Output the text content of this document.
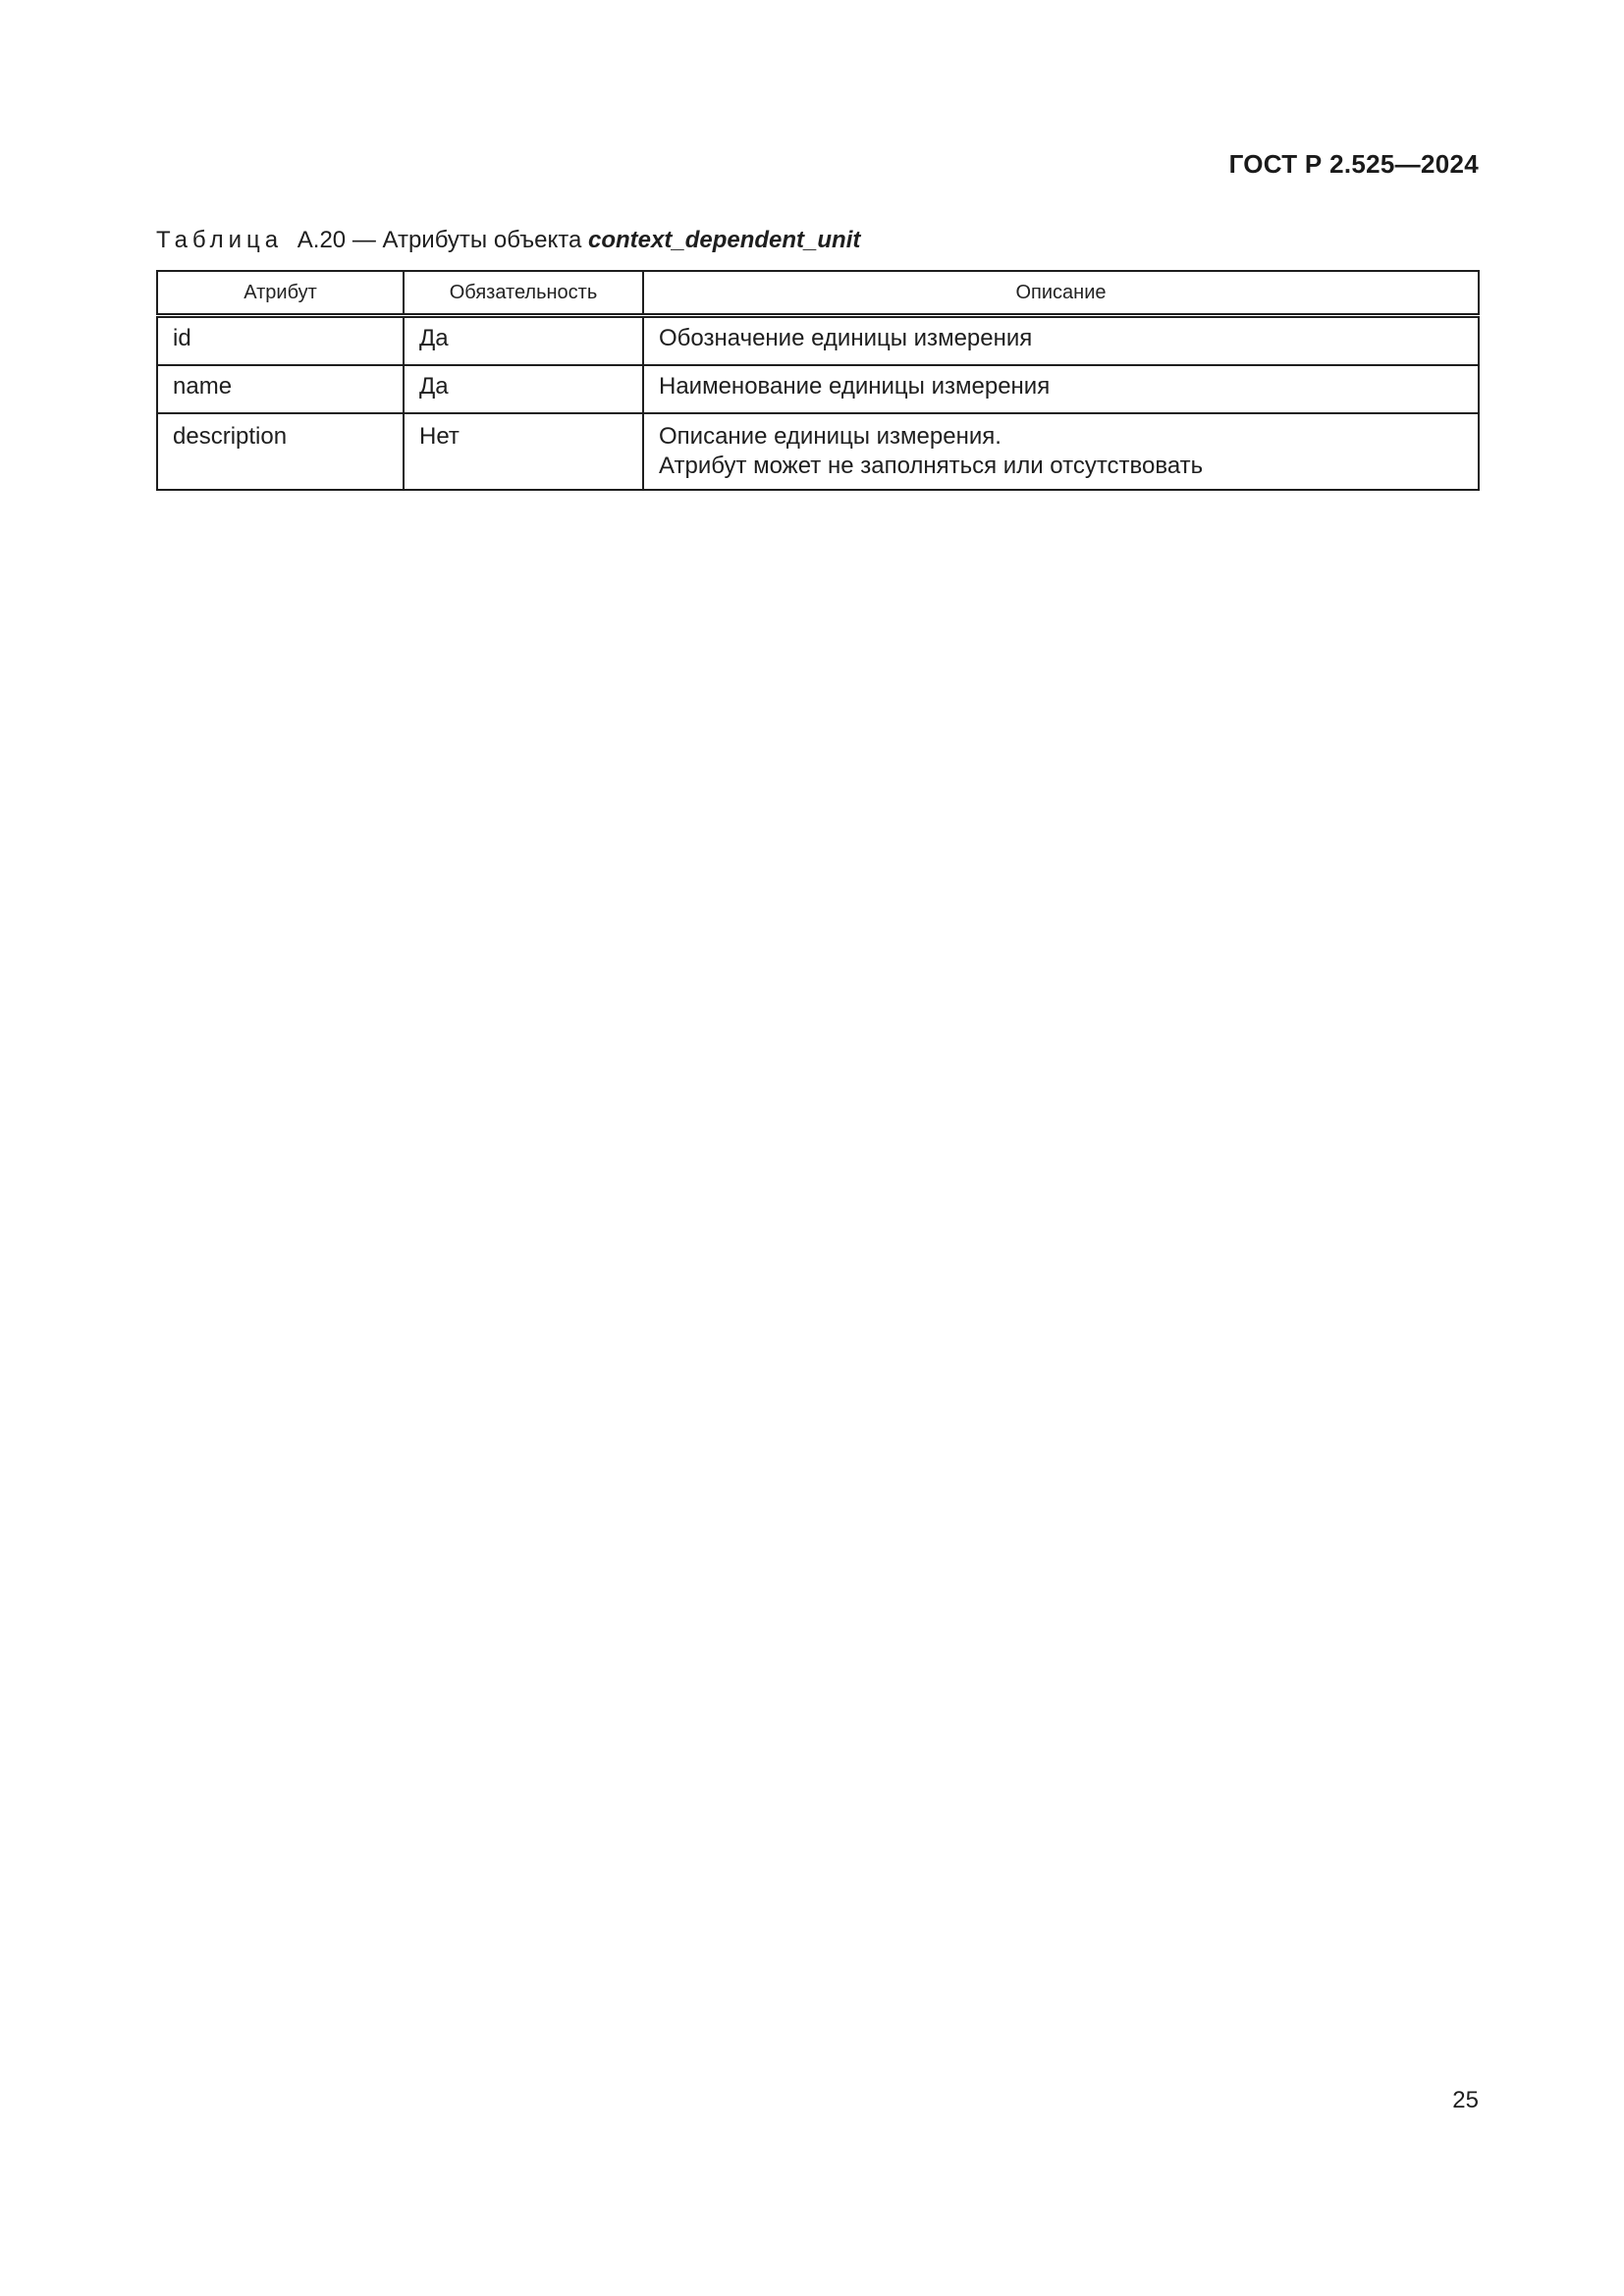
ГОСТ Р 2.525—2024
Таблица А.20 — Атрибуты объекта context_dependent_unit
Атрибут	Обязательность	Описание
id	Да	Обозначение единицы измерения

name	Да	Наименование единицы измерения

description	Нет	Описание единицы измерения.
Атрибут может не заполняться или отсутствовать
25
